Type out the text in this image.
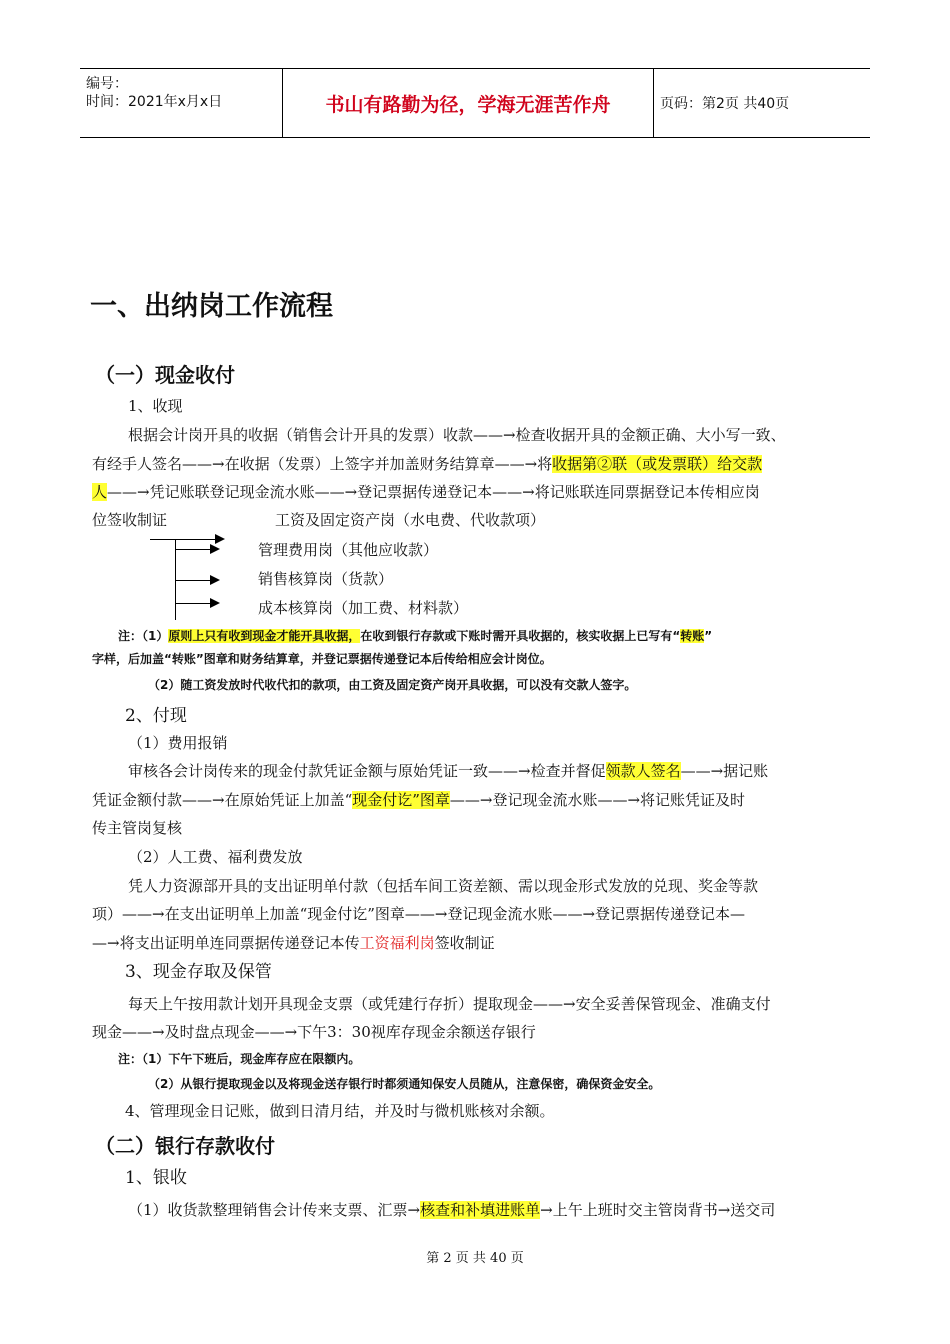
编号：
时间：2021年x月x日	书山有路勤为径，学海无涯苦作舟	页码：第2页 共40页
一、出纳岗工作流程
（一）现金收付
1、收现
根据会计岗开具的收据（销售会计开具的发票）收款——→检查收据开具的金额正确、大小写一致、
有经手人签名——→在收据（发票）上签字并加盖财务结算章——→将收据第②联（或发票联）给交款
人——→凭记账联登记现金流水账——→登记票据传递登记本——→将记账联连同票据登记本传相应岗
位签收制证	工资及固定资产岗（水电费、代收款项）
管理费用岗（其他应收款）
销售核算岗（货款）
成本核算岗（加工费、材料款）
注：（1）原则上只有收到现金才能开具收据，在收到银行存款或下账时需开具收据的，核实收据上已写有“转账”
字样，后加盖“转账”图章和财务结算章，并登记票据传递登记本后传给相应会计岗位。
（2）随工资发放时代收代扣的款项，由工资及固定资产岗开具收据，可以没有交款人签字。
2、付现
（1）费用报销
审核各会计岗传来的现金付款凭证金额与原始凭证一致——→检查并督促领款人签名——→据记账
凭证金额付款——→在原始凭证上加盖“现金付讫”图章——→登记现金流水账——→将记账凭证及时
传主管岗复核
（2）人工费、福利费发放
凭人力资源部开具的支出证明单付款（包括车间工资差额、需以现金形式发放的兑现、奖金等款
项）——→在支出证明单上加盖“现金付讫”图章——→登记现金流水账——→登记票据传递登记本—
—→将支出证明单连同票据传递登记本传工资福利岗签收制证
3、现金存取及保管
每天上午按用款计划开具现金支票（或凭建行存折）提取现金——→安全妥善保管现金、准确支付
现金——→及时盘点现金——→下午3：30视库存现金余额送存银行
注：（1）下午下班后，现金库存应在限额内。
（2）从银行提取现金以及将现金送存银行时都须通知保安人员随从，注意保密，确保资金安全。
4、管理现金日记账，做到日清月结，并及时与微机账核对余额。
（二）银行存款收付
1、银收
（1）收货款整理销售会计传来支票、汇票→核查和补填进账单→上午上班时交主管岗背书→送交司
第 2 页 共 40 页
